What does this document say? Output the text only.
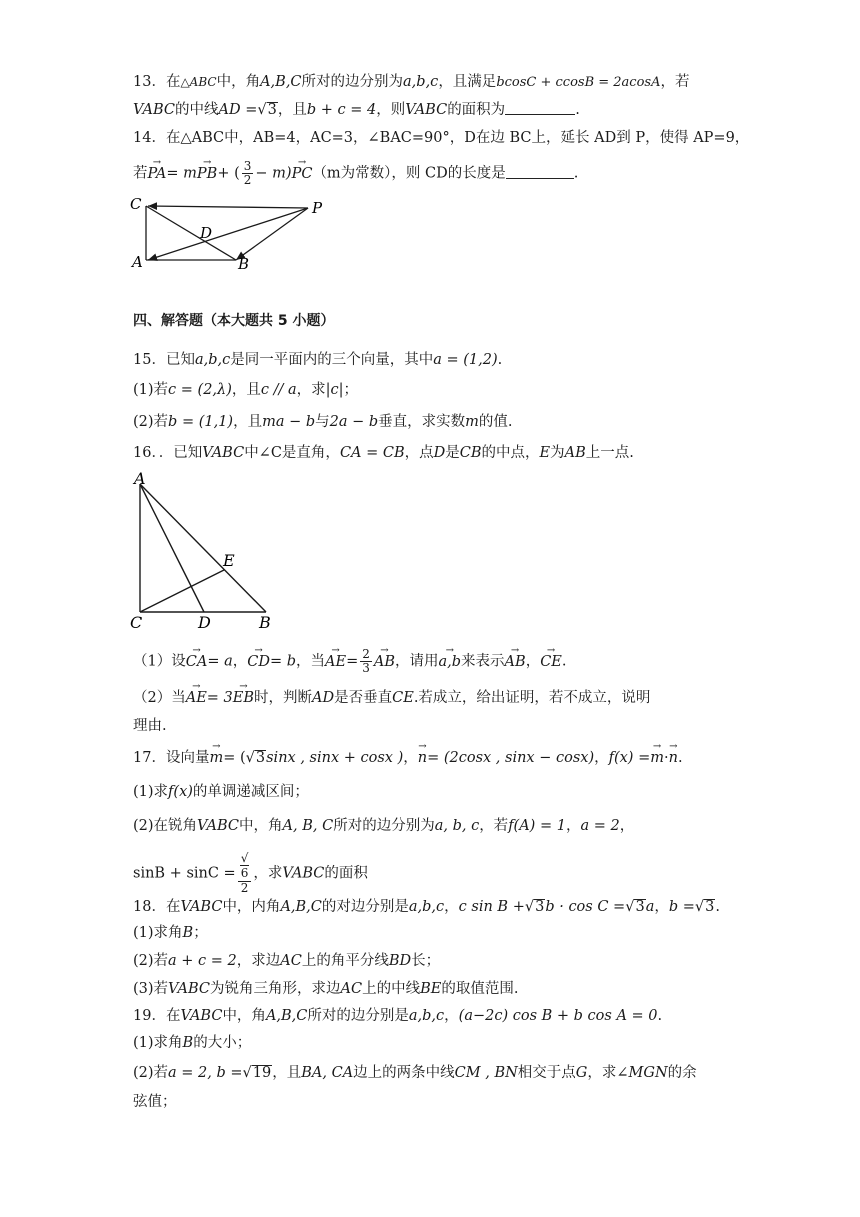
13．在△ABC中，角A,B,C所对的边分别为a,b,c，且满足bcosC + ccosB = 2acosA，若
VABC的中线AD =√3，且b + c = 4，则VABC的面积为	.
14．在△ABC中，AB=4，AC=3，∠BAC=90°，D在边 BC上，延长 AD到 P，使得 AP=9，
若→ PA= m→ PB+ ( $\frac{3}{2} - m)\to PC(m$为常数），则 CD的长度是	.
C	P
D
A	B
四、解答题（本大题共 5 小题）
15．已知a,b,c是同一平面内的三个向量，其中a = (1,2).
(1)若c = (2,λ)，且c // a，求|c|；
(2)若b = (1,1)，且ma − b与2a − b垂直，求实数m的值.
16．．已知VABC中∠C是直角，CA = CB，点D是CB的中点，E为AB上一点.
A
E
C	D	B
（1）设→ CA= a，→ CD= b，当→ $AE= \frac{2}{3}$
→ AB，请用→ a,b来表示→ AB，→ CE.
（2）当→ AE= 3→ EB时，判断AD是否垂直CE.若成立，给出证明，若不成立，说明
理由.
17．设向量→ m= (√3sinx , sinx + cosx )，→ n= (2cosx , sinx − cosx)，f(x) =→ m·→ n.
(1)求f(x)的单调递减区间；
(2)在锐角VABC中，角A, B, C所对的边分别为a, b, c，若f(A) = 1，a = 2，
sinB + sinC = √
6
2 ，求VABC的面积
18．在VABC中，内角A,B,C的对边分别是a,b,c，c sin B +√3b · cos C =√3a，b =√3.
(1)求角B；
(2)若a + c = 2，求边AC上的角平分线BD长；
(3)若VABC为锐角三角形，求边AC上的中线BE的取值范围.
19．在VABC中，角A,B,C所对的边分别是a,b,c，(a−2c) cos B + b cos A = 0.
(1)求角B的大小；
(2)若a = 2, b =√19，且BA, CA边上的两条中线CM , BN相交于点G，求∠MGN的余
弦值；
